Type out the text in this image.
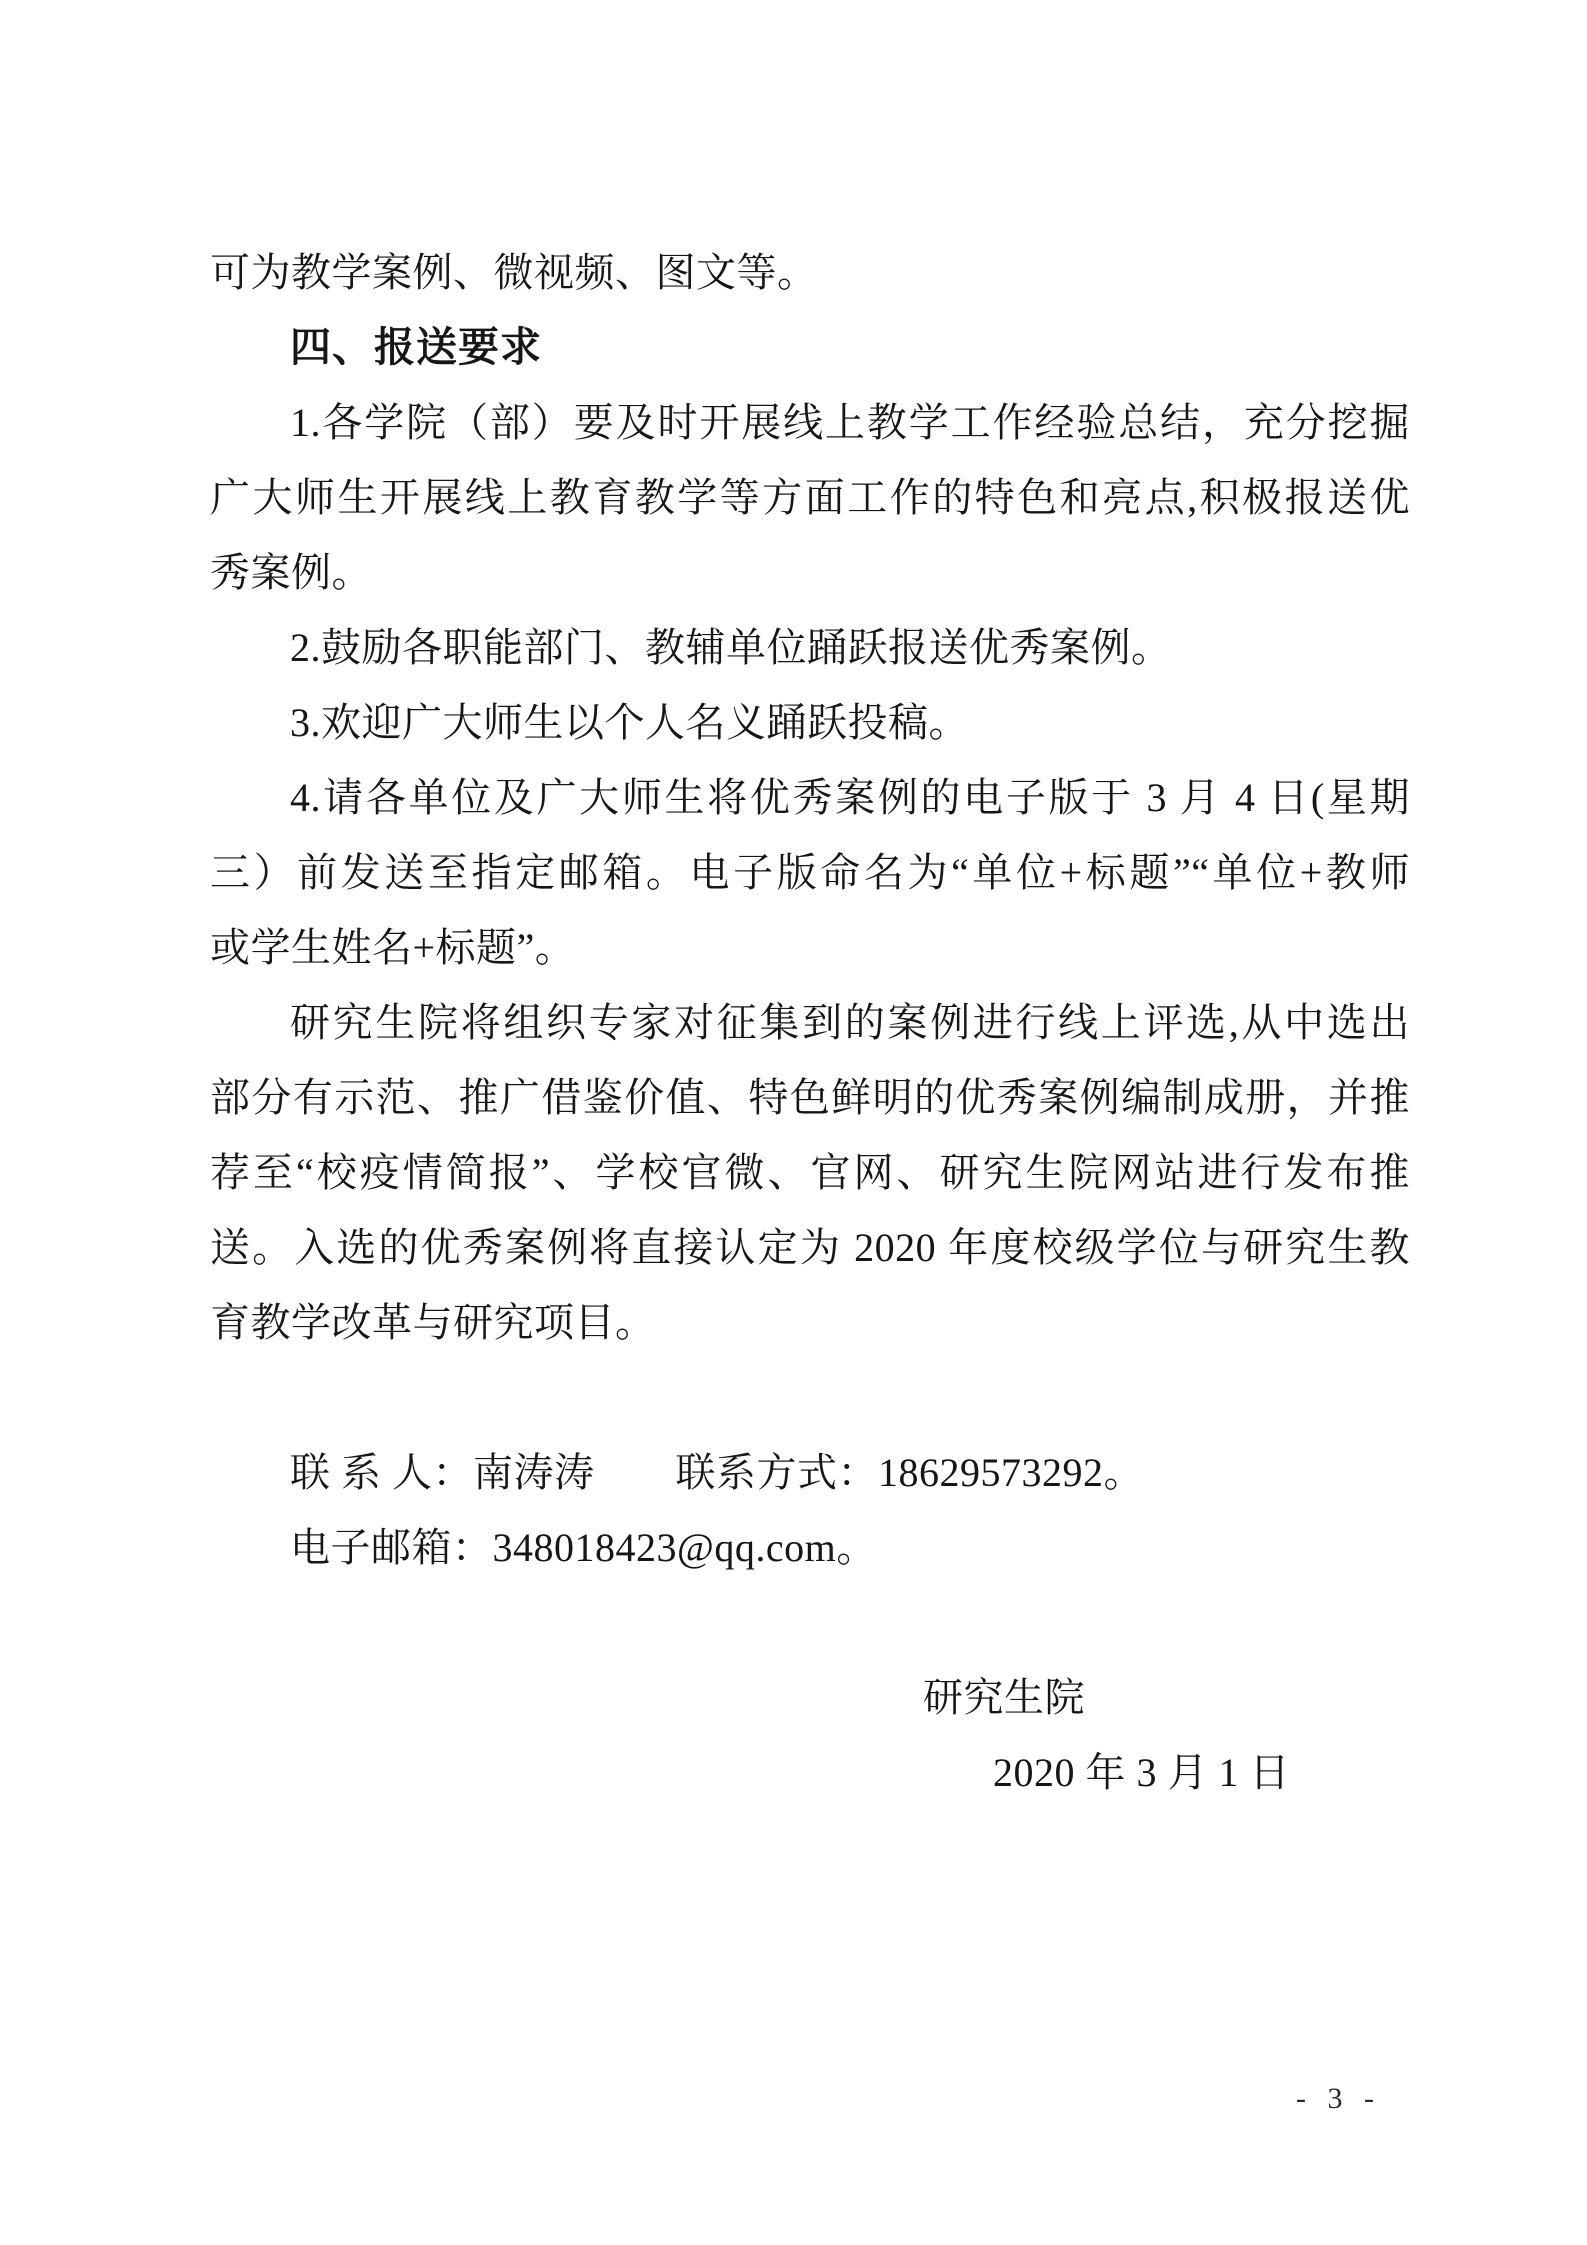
可为教学案例、微视频、图文等。
四、报送要求
1.各学院（部）要及时开展线上教学工作经验总结，充分挖掘
广大师生开展线上教育教学等方面工作的特色和亮点,积极报送优
秀案例。
2.鼓励各职能部门、教辅单位踊跃报送优秀案例。
3.欢迎广大师生以个人名义踊跃投稿。
4.请各单位及广大师生将优秀案例的电子版于 3 月 4 日(星期
三）前发送至指定邮箱。电子版命名为“单位+标题”“单位+教师
或学生姓名+标题”。
研究生院将组织专家对征集到的案例进行线上评选,从中选出
部分有示范、推广借鉴价值、特色鲜明的优秀案例编制成册，并推
荐至“校疫情简报”、学校官微、官网、研究生院网站进行发布推
送。入选的优秀案例将直接认定为 2020 年度校级学位与研究生教
育教学改革与研究项目。
联 系 人：南涛涛　　联系方式：18629573292。
电子邮箱：348018423@qq.com。
研究生院
2020 年 3 月 1 日
- 3 -
